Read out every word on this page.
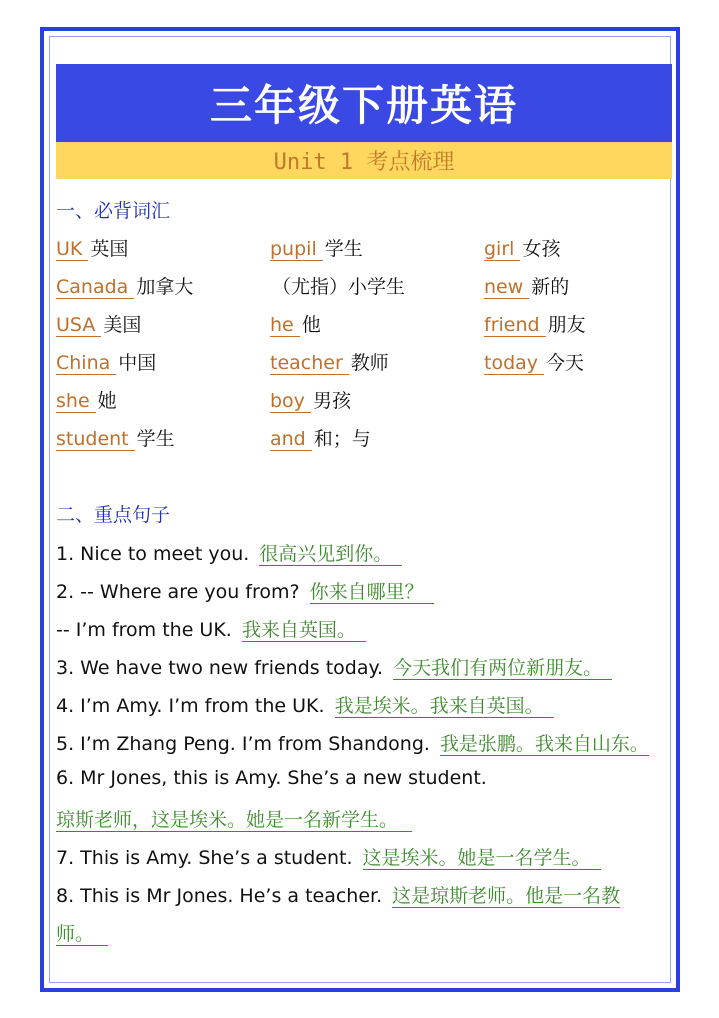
三年级下册英语
Unit 1 考点梳理
一、必背词汇
UK 英国
Canada 加拿大
USA 美国
China 中国
she 她
student 学生
pupil 学生
（尤指）小学生
he 他
teacher 教师
boy 男孩
and 和；与
girl 女孩
new 新的
friend 朋友
today 今天
二、重点句子
1. Nice to meet you. 很高兴见到你。
2. -- Where are you from? 你来自哪里？
-- I’m from the UK. 我来自英国。
3. We have two new friends today. 今天我们有两位新朋友。
4. I’m Amy. I’m from the UK. 我是埃米。我来自英国。
5. I’m Zhang Peng. I’m from Shandong. 我是张鹏。我来自山东。
6. Mr Jones, this is Amy. She’s a new student.
琼斯老师，这是埃米。她是一名新学生。
7. This is Amy. She’s a student. 这是埃米。她是一名学生。
8. This is Mr Jones. He’s a teacher. 这是琼斯老师。他是一名教
师。
